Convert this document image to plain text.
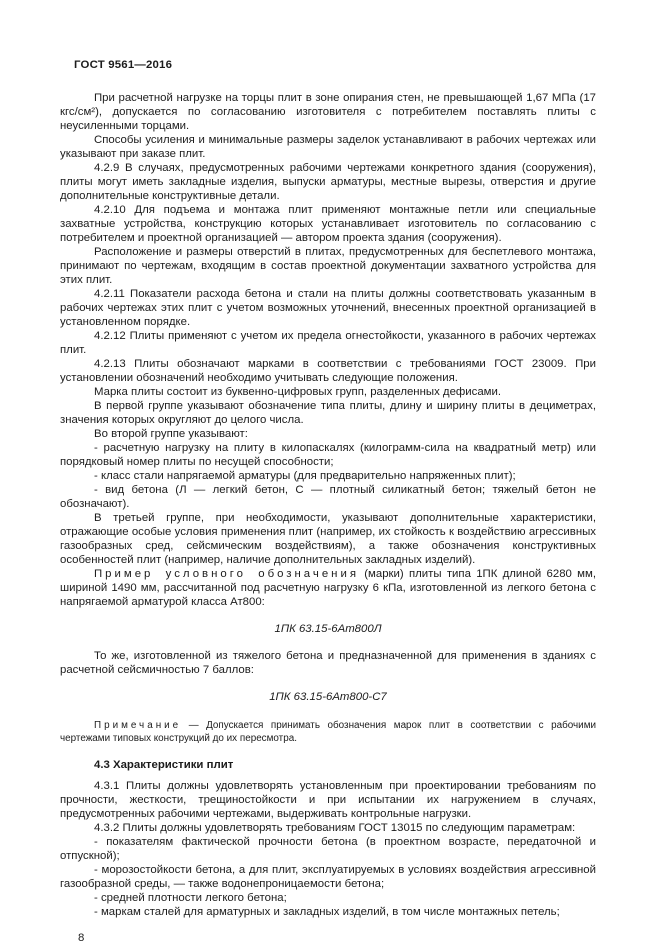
ГОСТ 9561—2016

При расчетной нагрузке на торцы плит в зоне опирания стен, не превышающей 1,67 МПа (17 кгс/см²), допускается по согласованию изготовителя с потребителем поставлять плиты с неусиленными торцами.

Способы усиления и минимальные размеры заделок устанавливают в рабочих чертежах или указывают при заказе плит.

4.2.9 В случаях, предусмотренных рабочими чертежами конкретного здания (сооружения), плиты могут иметь закладные изделия, выпуски арматуры, местные вырезы, отверстия и другие дополнительные конструктивные детали.

4.2.10 Для подъема и монтажа плит применяют монтажные петли или специальные захватные устройства, конструкцию которых устанавливает изготовитель по согласованию с потребителем и проектной организацией — автором проекта здания (сооружения).

Расположение и размеры отверстий в плитах, предусмотренных для беспетлевого монтажа, принимают по чертежам, входящим в состав проектной документации захватного устройства для этих плит.

4.2.11 Показатели расхода бетона и стали на плиты должны соответствовать указанным в рабочих чертежах этих плит с учетом возможных уточнений, внесенных проектной организацией в установленном порядке.

4.2.12 Плиты применяют с учетом их предела огнестойкости, указанного в рабочих чертежах плит.

4.2.13 Плиты обозначают марками в соответствии с требованиями ГОСТ 23009. При установлении обозначений необходимо учитывать следующие положения.

Марка плиты состоит из буквенно-цифровых групп, разделенных дефисами.

В первой группе указывают обозначение типа плиты, длину и ширину плиты в дециметрах, значения которых округляют до целого числа.

Во второй группе указывают:

- расчетную нагрузку на плиту в килопаскалях (килограмм-сила на квадратный метр) или порядковый номер плиты по несущей способности;

- класс стали напрягаемой арматуры (для предварительно напряженных плит);

- вид бетона (Л — легкий бетон, С — плотный силикатный бетон; тяжелый бетон не обозначают).

В третьей группе, при необходимости, указывают дополнительные характеристики, отражающие особые условия применения плит (например, их стойкость к воздействию агрессивных газообразных сред, сейсмическим воздействиям), а также обозначения конструктивных особенностей плит (например, наличие дополнительных закладных изделий).

Пример условного обозначения (марки) плиты типа 1ПК длиной 6280 мм, шириной 1490 мм, рассчитанной под расчетную нагрузку 6 кПа, изготовленной из легкого бетона с напрягаемой арматурой класса Ат800:

1ПК 63.15-6Ат800Л

То же, изготовленной из тяжелого бетона и предназначенной для применения в зданиях с расчетной сейсмичностью 7 баллов:

1ПК 63.15-6Ат800-С7

Примечание — Допускается принимать обозначения марок плит в соответствии с рабочими чертежами типовых конструкций до их пересмотра.

4.3 Характеристики плит

4.3.1 Плиты должны удовлетворять установленным при проектировании требованиям по прочности, жесткости, трещиностойкости и при испытании их нагружением в случаях, предусмотренных рабочими чертежами, выдерживать контрольные нагрузки.

4.3.2 Плиты должны удовлетворять требованиям ГОСТ 13015 по следующим параметрам:

- показателям фактической прочности бетона (в проектном возрасте, передаточной и отпускной);

- морозостойкости бетона, а для плит, эксплуатируемых в условиях воздействия агрессивной газообразной среды, — также водонепроницаемости бетона;

- средней плотности легкого бетона;

- маркам сталей для арматурных и закладных изделий, в том числе монтажных петель;

8
